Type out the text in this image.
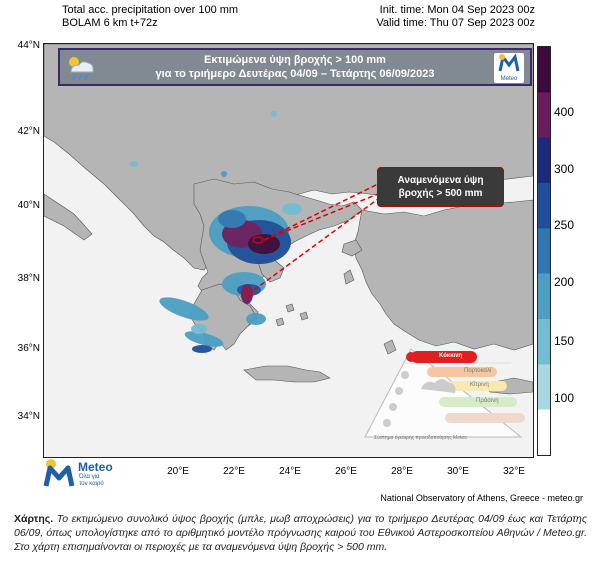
Total acc. precipitation over 100 mm
BOLAM 6 km t+72z
Init. time: Mon 04 Sep 2023 00z
Valid time: Thu 07 Sep 2023 00z
44°N
42°N
40°N
38°N
36°N
34°N
Κόκκινη
Πορτοκαλί
Κίτρινη
Πράσινη
Σύστημα έγκαιρης προειδοποίησης Meteo
Εκτιμώμενα ύψη βροχής > 100 mm
για το τριήμερο Δευτέρας 04/09 – Τετάρτης 06/09/2023	Meteo
Αναμενόμενα ύψη
βροχής > 500 mm
400
300
250
200
150
100
20°E	22°E	24°E	26°E	28°E	30°E	32°E
Meteo
Όλα για
τον καιρό
National Observatory of Athens, Greece - meteo.gr
Χάρτης. Το εκτιμώμενο συνολικό ύψος βροχής (μπλε, μωβ αποχρώσεις) για το τριήμερο Δευτέρας 04/09 έως και Τετάρτης 06/09, όπως υπολογίστηκε από το αριθμητικό μοντέλο πρόγνωσης καιρού του Εθνικού Αστεροσκοπείου Αθηνών / Meteo.gr. Στο χάρτη επισημαίνονται οι περιοχές με τα αναμενόμενα ύψη βροχής > 500 mm.
